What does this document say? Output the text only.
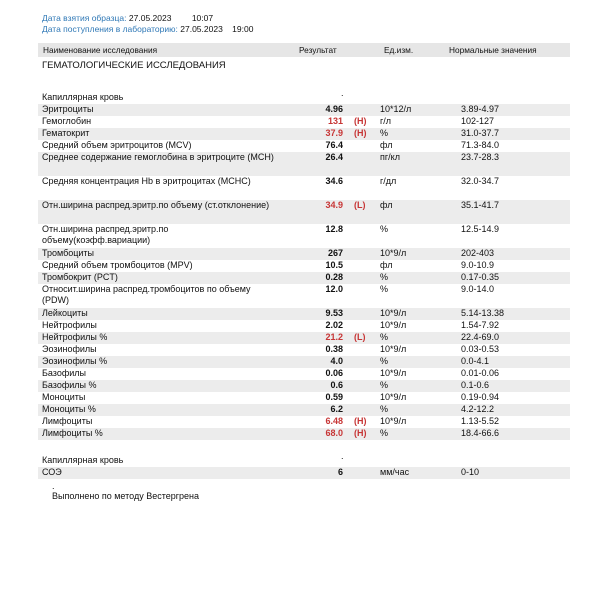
Дата взятия образца: 27.05.2023 10:07
Дата поступления в лабораторию: 27.05.2023 19:00
Наименование исследования	Результат	Ед.изм.	Нормальные значения
ГЕМАТОЛОГИЧЕСКИЕ ИССЛЕДОВАНИЯ
.
Капиллярная кровь
Эритроциты	4.96	10*12/л	3.89-4.97
Гемоглобин	131 (H) г/л	102-127
Гематокрит	37.9 (H) %	31.0-37.7
Средний объем эритроцитов (MCV)	76.4	фл	71.3-84.0
Среднее содержание гемоглобина в эритроците (MCH)	26.4	пг/кл	23.7-28.3
Средняя концентрация Hb в эритроцитах (MCHC)	34.6	г/дл	32.0-34.7
Отн.ширина распред.эритр.по объему (ст.отклонение)	34.9 (L) фл	35.1-41.7
Отн.ширина распред.эритр.по объему(коэфф.вариации)
12.8	%	12.5-14.9
Тромбоциты	267	10*9/л	202-403
Средний объем тромбоцитов (MPV)	10.5	фл	9.0-10.9
Тромбокрит (PCT)	0.28	%	0.17-0.35
Относит.ширина распред.тромбоцитов по объему (PDW)
12.0	%	9.0-14.0
Лейкоциты	9.53	10*9/л	5.14-13.38
Нейтрофилы	2.02	10*9/л	1.54-7.92
Нейтрофилы %	21.2 (L) %	22.4-69.0
Эозинофилы	0.38	10*9/л	0.03-0.53
Эозинофилы %	4.0	%	0.0-4.1
Базофилы	0.06	10*9/л	0.01-0.06
Базофилы %	0.6	%	0.1-0.6
Моноциты	0.59	10*9/л	0.19-0.94
Моноциты %	6.2	%	4.2-12.2
Лимфоциты	6.48 (H) 10*9/л	1.13-5.52
Лимфоциты %	68.0 (H) %	18.4-66.6
.
Капиллярная кровь
СОЭ	6	мм/час	0-10
.
Выполнено по методу Вестергрена
